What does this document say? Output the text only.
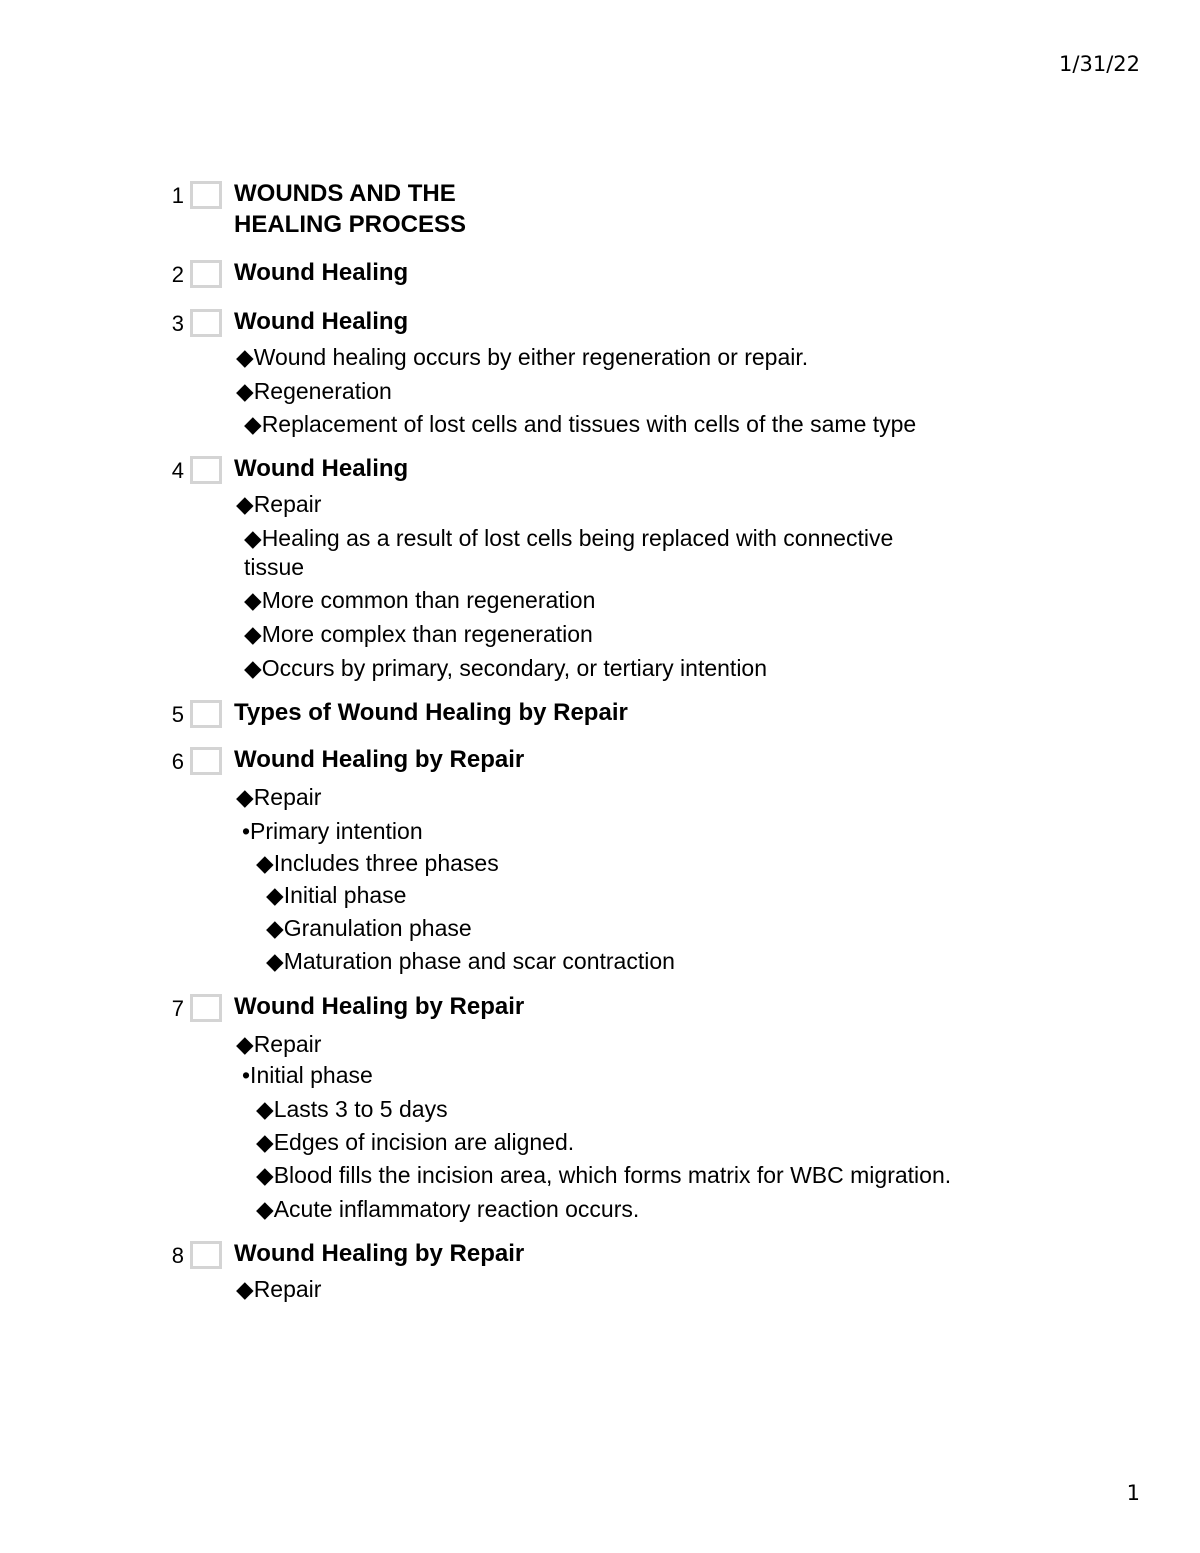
1/31/22
1 WOUNDS AND THE
HEALING PROCESS
2 Wound Healing
3 Wound Healing
◆Wound healing occurs by either regeneration or repair.
◆Regeneration
◆Replacement of lost cells and tissues with cells of the same type
4 Wound Healing
◆Repair
◆Healing as a result of lost cells being replaced with connective
tissue
◆More common than regeneration
◆More complex than regeneration
◆Occurs by primary, secondary, or tertiary intention
5 Types of Wound Healing by Repair
6 Wound Healing by Repair
◆Repair
•Primary intention
◆Includes three phases
◆Initial phase
◆Granulation phase
◆Maturation phase and scar contraction
7 Wound Healing by Repair
◆Repair
•Initial phase
◆Lasts 3 to 5 days
◆Edges of incision are aligned.
◆Blood fills the incision area, which forms matrix for WBC migration.
◆Acute inflammatory reaction occurs.
8 Wound Healing by Repair
◆Repair
1
